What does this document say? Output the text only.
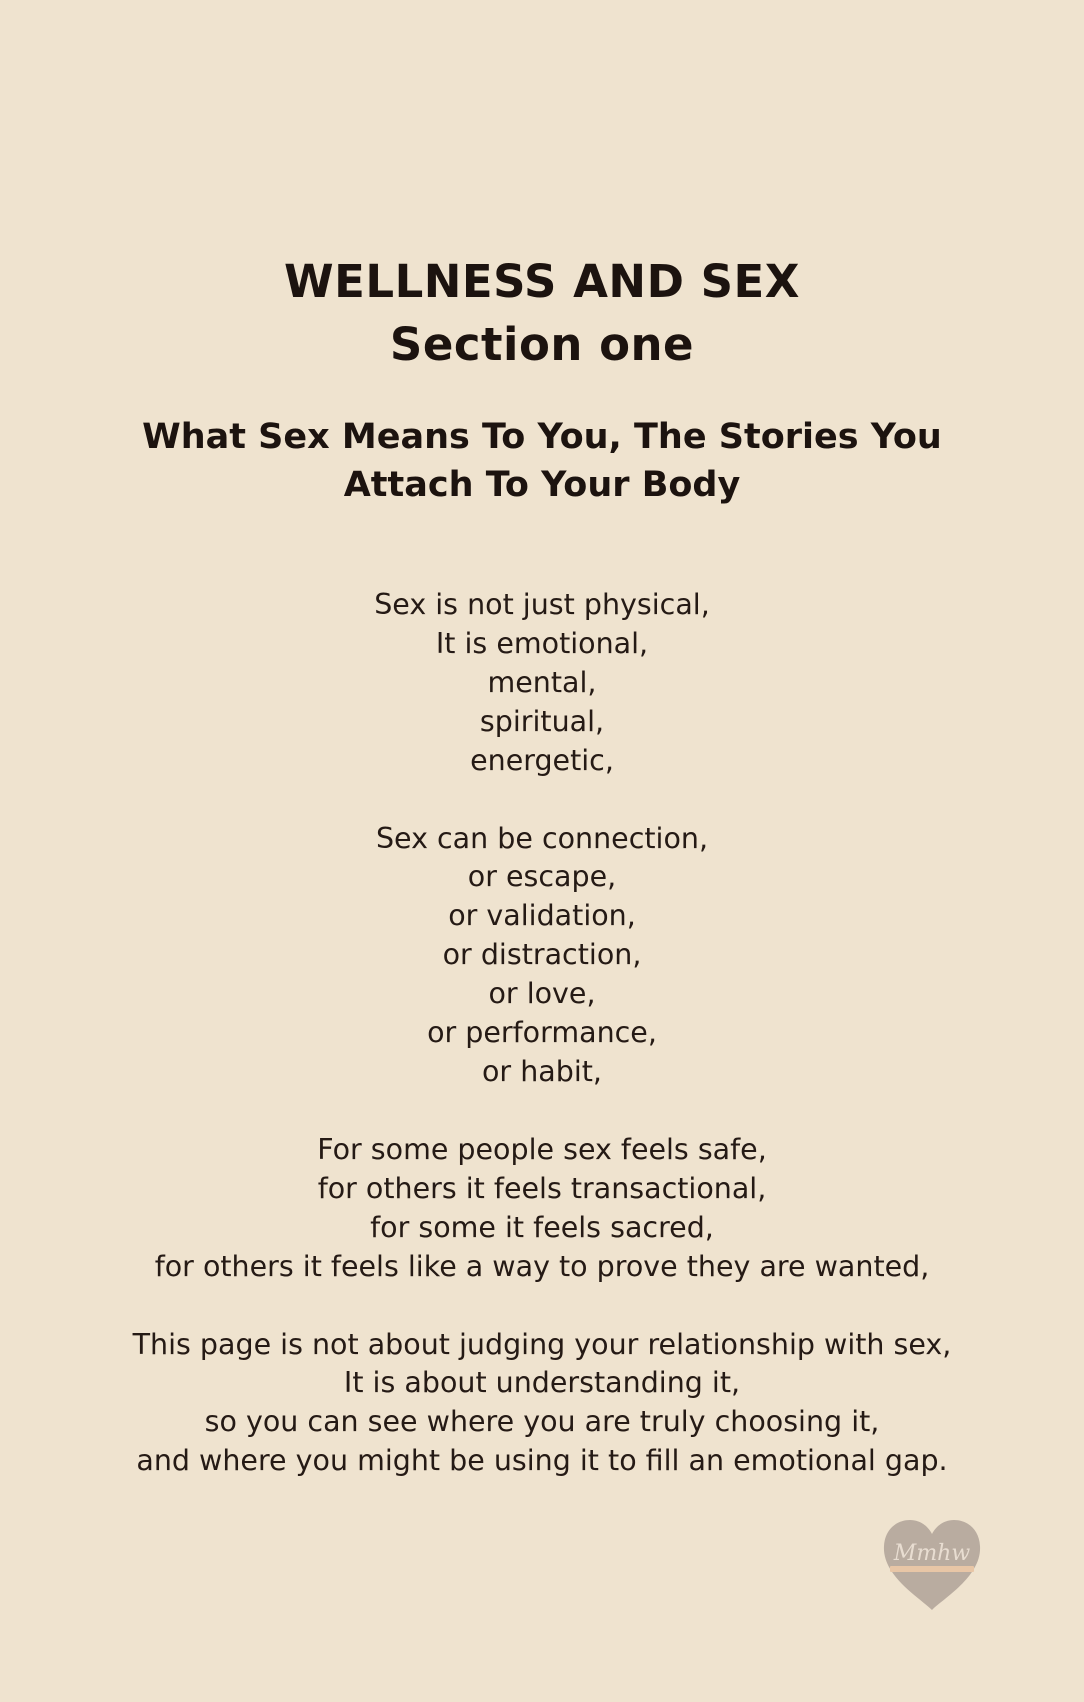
WELLNESS AND SEX
Section one
What Sex Means To You, The Stories You
Attach To Your Body
Sex is not just physical,
It is emotional,
mental,
spiritual,
energetic,
Sex can be connection,
or escape,
or validation,
or distraction,
or love,
or performance,
or habit,
For some people sex feels safe,
for others it feels transactional,
for some it feels sacred,
for others it feels like a way to prove they are wanted,
This page is not about judging your relationship with sex,
It is about understanding it,
so you can see where you are truly choosing it,
and where you might be using it to fill an emotional gap.
Mmhw
